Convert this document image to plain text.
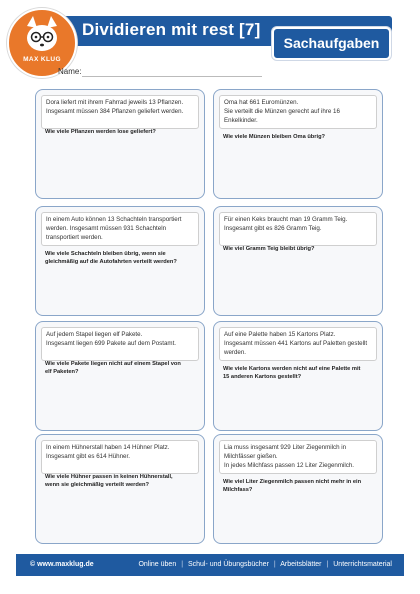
MAX KLUG
Dividieren mit rest [7]
Sachaufgaben
Name:
Dora liefert mit ihrem Fahrrad jeweils 13 Pflanzen.
Insgesamt müssen 384 Pflanzen geliefert werden.
Wie viele Pflanzen werden lose geliefert?
Oma hat 661 Euromünzen.
Sie verteilt die Münzen gerecht auf ihre 16
Enkelkinder.
Wie viele Münzen bleiben Oma übrig?
In einem Auto können 13 Schachteln transportiert
werden. Insgesamt müssen 931 Schachteln
transportiert werden.
Wie viele Schachteln bleiben übrig, wenn sie
gleichmäßig auf die Autofahrten verteilt werden?
Für einen Keks braucht man 19 Gramm Teig.
Insgesamt gibt es 826 Gramm Teig.
Wie viel Gramm Teig bleibt übrig?
Auf jedem Stapel liegen elf Pakete.
Insgesamt liegen 699 Pakete auf dem Postamt.
Wie viele Pakete liegen nicht auf einem Stapel von
elf Paketen?
Auf eine Palette haben 15 Kartons Platz.
Insgesamt müssen 441 Kartons auf Paletten gestellt
werden.
Wie viele Kartons werden nicht auf eine Palette mit
15 anderen Kartons gestellt?
In einem Hühnerstall haben 14 Hühner Platz.
Insgesamt gibt es 614 Hühner.
Wie viele Hühner passen in keinen Hühnerstall,
wenn sie gleichmäßig verteilt werden?
Lia muss insgesamt 929 Liter Ziegenmilch in
Milchfässer gießen.
In jedes Milchfass passen 12 Liter Ziegenmilch.
Wie viel Liter Ziegenmilch passen nicht mehr in ein
Milchfass?
© www.maxklug.de	Online üben | Schul- und Übungsbücher | Arbeitsblätter | Unterrichtsmaterial
